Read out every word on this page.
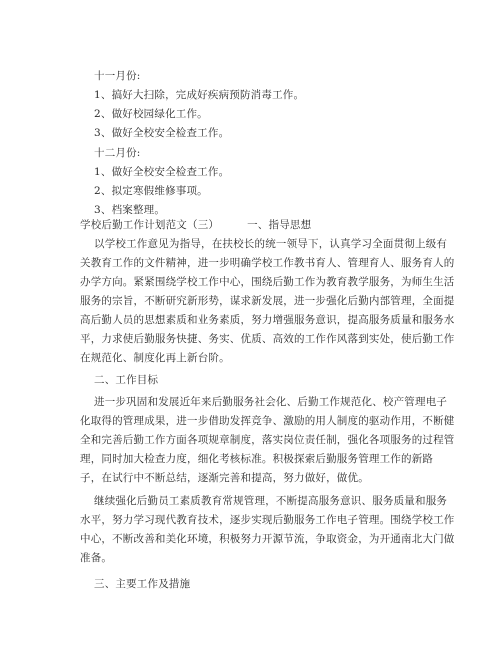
十一月份:
1、搞好大扫除，完成好疾病预防消毒工作。
2、做好校园绿化工作。
3、做好全校安全检查工作。
十二月份:
1、做好全校安全检查工作。
2、拟定寒假维修事项。
3、档案整理。
学校后勤工作计划范文（三）	一、指导思想
以学校工作意见为指导，在扶校长的统一领导下，认真学习全面贯彻上级有
关教育工作的文件精神，进一步明确学校工作教书育人、管理育人、服务育人的
办学方向。紧紧围绕学校工作中心，围绕后勤工作为教育教学服务，为师生生活
服务的宗旨，不断研究新形势，谋求新发展，进一步强化后勤内部管理，全面提
高后勤人员的思想素质和业务素质，努力增强服务意识，提高服务质量和服务水
平，力求使后勤服务快捷、务实、优质、高效的工作作风落到实处，使后勤工作
在规范化、制度化再上新台阶。
二、工作目标
进一步巩固和发展近年来后勤服务社会化、后勤工作规范化、校产管理电子
化取得的管理成果，进一步借助发挥竞争、激励的用人制度的驱动作用，不断健
全和完善后勤工作方面各项规章制度，落实岗位责任制，强化各项服务的过程管
理，同时加大检查力度，细化考核标准。积极探索后勤服务管理工作的新路
子，在试行中不断总结，逐渐完善和提高，努力做好，做优。
继续强化后勤员工素质教育常规管理，不断提高服务意识、服务质量和服务
水平，努力学习现代教育技术，逐步实现后勤服务工作电子管理。围绕学校工作
中心，不断改善和美化环境，积极努力开源节流，争取资金，为开通南北大门做
准备。
三、主要工作及措施
